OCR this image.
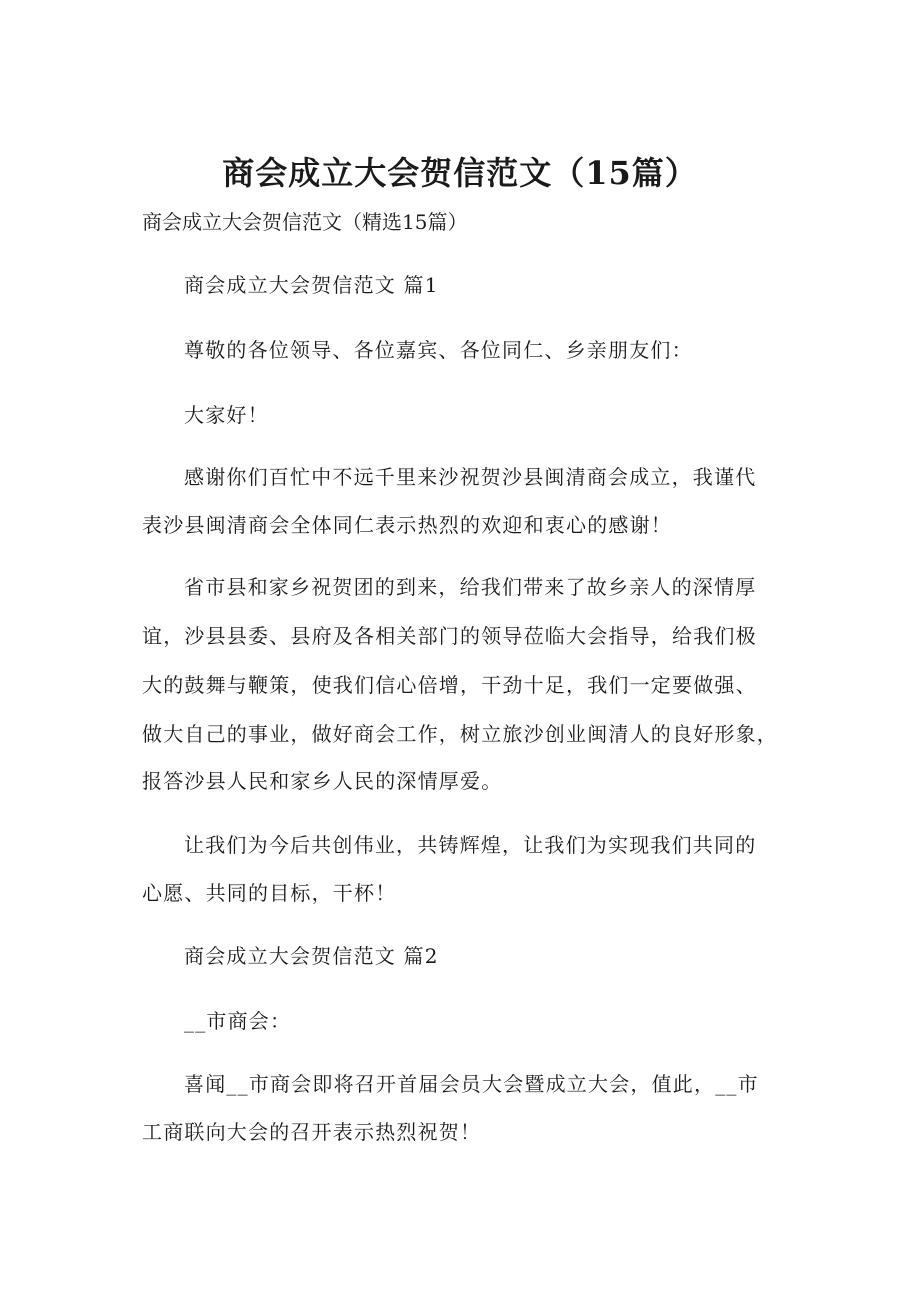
商会成立大会贺信范文（15篇）
商会成立大会贺信范文（精选15篇）
商会成立大会贺信范文 篇1
尊敬的各位领导、各位嘉宾、各位同仁、乡亲朋友们：
大家好！
感谢你们百忙中不远千里来沙祝贺沙县闽清商会成立，我谨代
表沙县闽清商会全体同仁表示热烈的欢迎和衷心的感谢！
省市县和家乡祝贺团的到来，给我们带来了故乡亲人的深情厚
谊，沙县县委、县府及各相关部门的领导莅临大会指导，给我们极
大的鼓舞与鞭策，使我们信心倍增，干劲十足，我们一定要做强、
做大自己的事业，做好商会工作，树立旅沙创业闽清人的良好形象，
报答沙县人民和家乡人民的深情厚爱。
让我们为今后共创伟业，共铸辉煌，让我们为实现我们共同的
心愿、共同的目标，干杯！
商会成立大会贺信范文 篇2
__市商会：
喜闻__市商会即将召开首届会员大会暨成立大会，值此，__市
工商联向大会的召开表示热烈祝贺！
